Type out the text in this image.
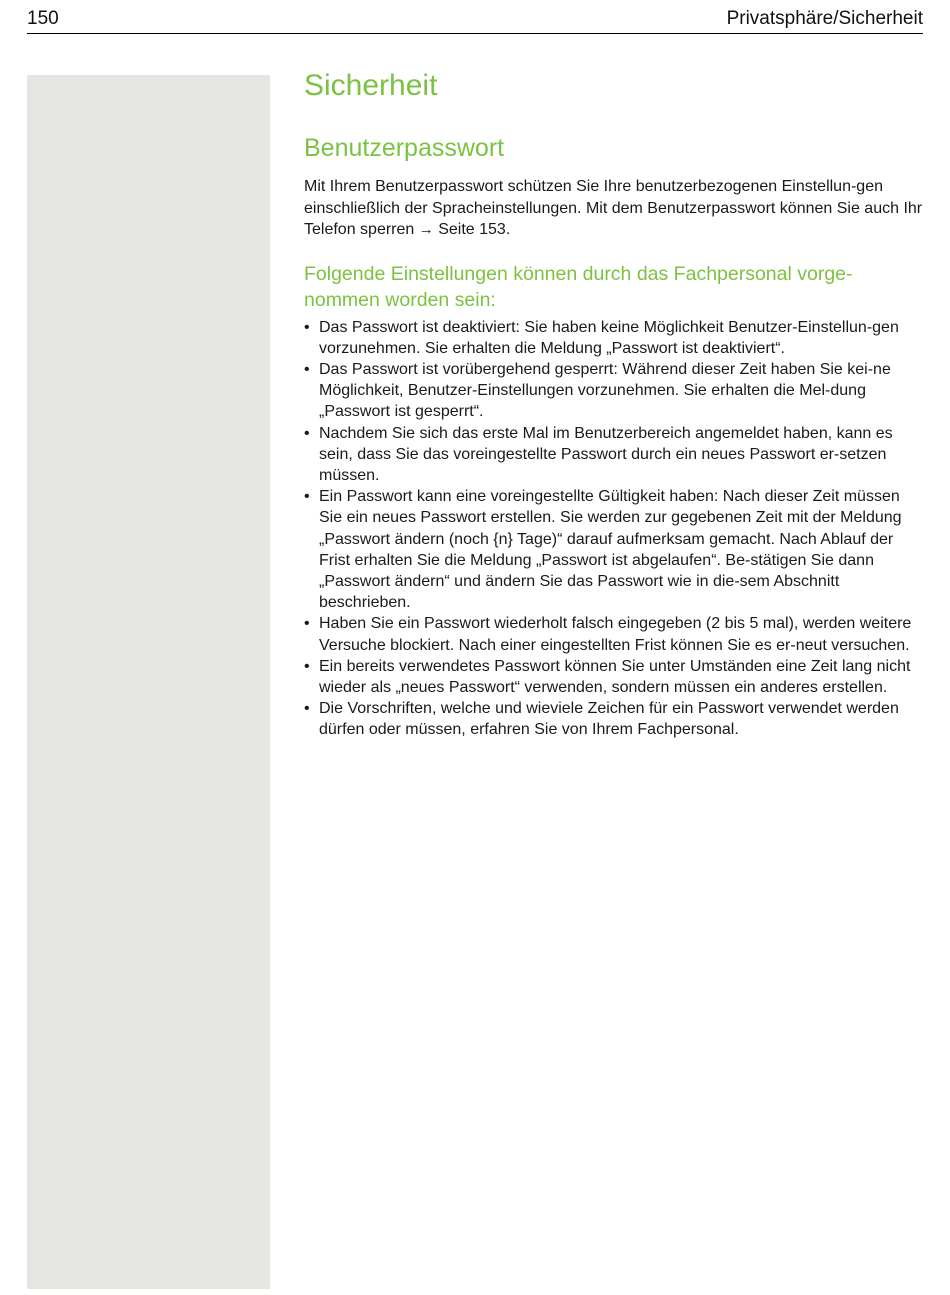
150	Privatsphäre/Sicherheit
Sicherheit
Benutzerpasswort

Mit Ihrem Benutzerpasswort schützen Sie Ihre benutzerbezogenen Einstellun-gen einschließlich der Spracheinstellungen. Mit dem Benutzerpasswort können Sie auch Ihr Telefon sperren → Seite 153.

Folgende Einstellungen können durch das Fachpersonal vorge-nommen worden sein:
• Das Passwort ist deaktiviert: Sie haben keine Möglichkeit Benutzer-Einstellun-gen vorzunehmen. Sie erhalten die Meldung „Passwort ist deaktiviert“.
• Das Passwort ist vorübergehend gesperrt: Während dieser Zeit haben Sie kei-ne Möglichkeit, Benutzer-Einstellungen vorzunehmen. Sie erhalten die Mel-dung „Passwort ist gesperrt“.
• Nachdem Sie sich das erste Mal im Benutzerbereich angemeldet haben, kann es sein, dass Sie das voreingestellte Passwort durch ein neues Passwort er-setzen müssen.
• Ein Passwort kann eine voreingestellte Gültigkeit haben: Nach dieser Zeit müssen Sie ein neues Passwort erstellen. Sie werden zur gegebenen Zeit mit der Meldung „Passwort ändern (noch {n} Tage)“ darauf aufmerksam gemacht. Nach Ablauf der Frist erhalten Sie die Meldung „Passwort ist abgelaufen“. Be-stätigen Sie dann „Passwort ändern“ und ändern Sie das Passwort wie in die-sem Abschnitt beschrieben.
• Haben Sie ein Passwort wiederholt falsch eingegeben (2 bis 5 mal), werden weitere Versuche blockiert. Nach einer eingestellten Frist können Sie es er-neut versuchen.
• Ein bereits verwendetes Passwort können Sie unter Umständen eine Zeit lang nicht wieder als „neues Passwort“ verwenden, sondern müssen ein anderes erstellen.
• Die Vorschriften, welche und wieviele Zeichen für ein Passwort verwendet werden dürfen oder müssen, erfahren Sie von Ihrem Fachpersonal.
